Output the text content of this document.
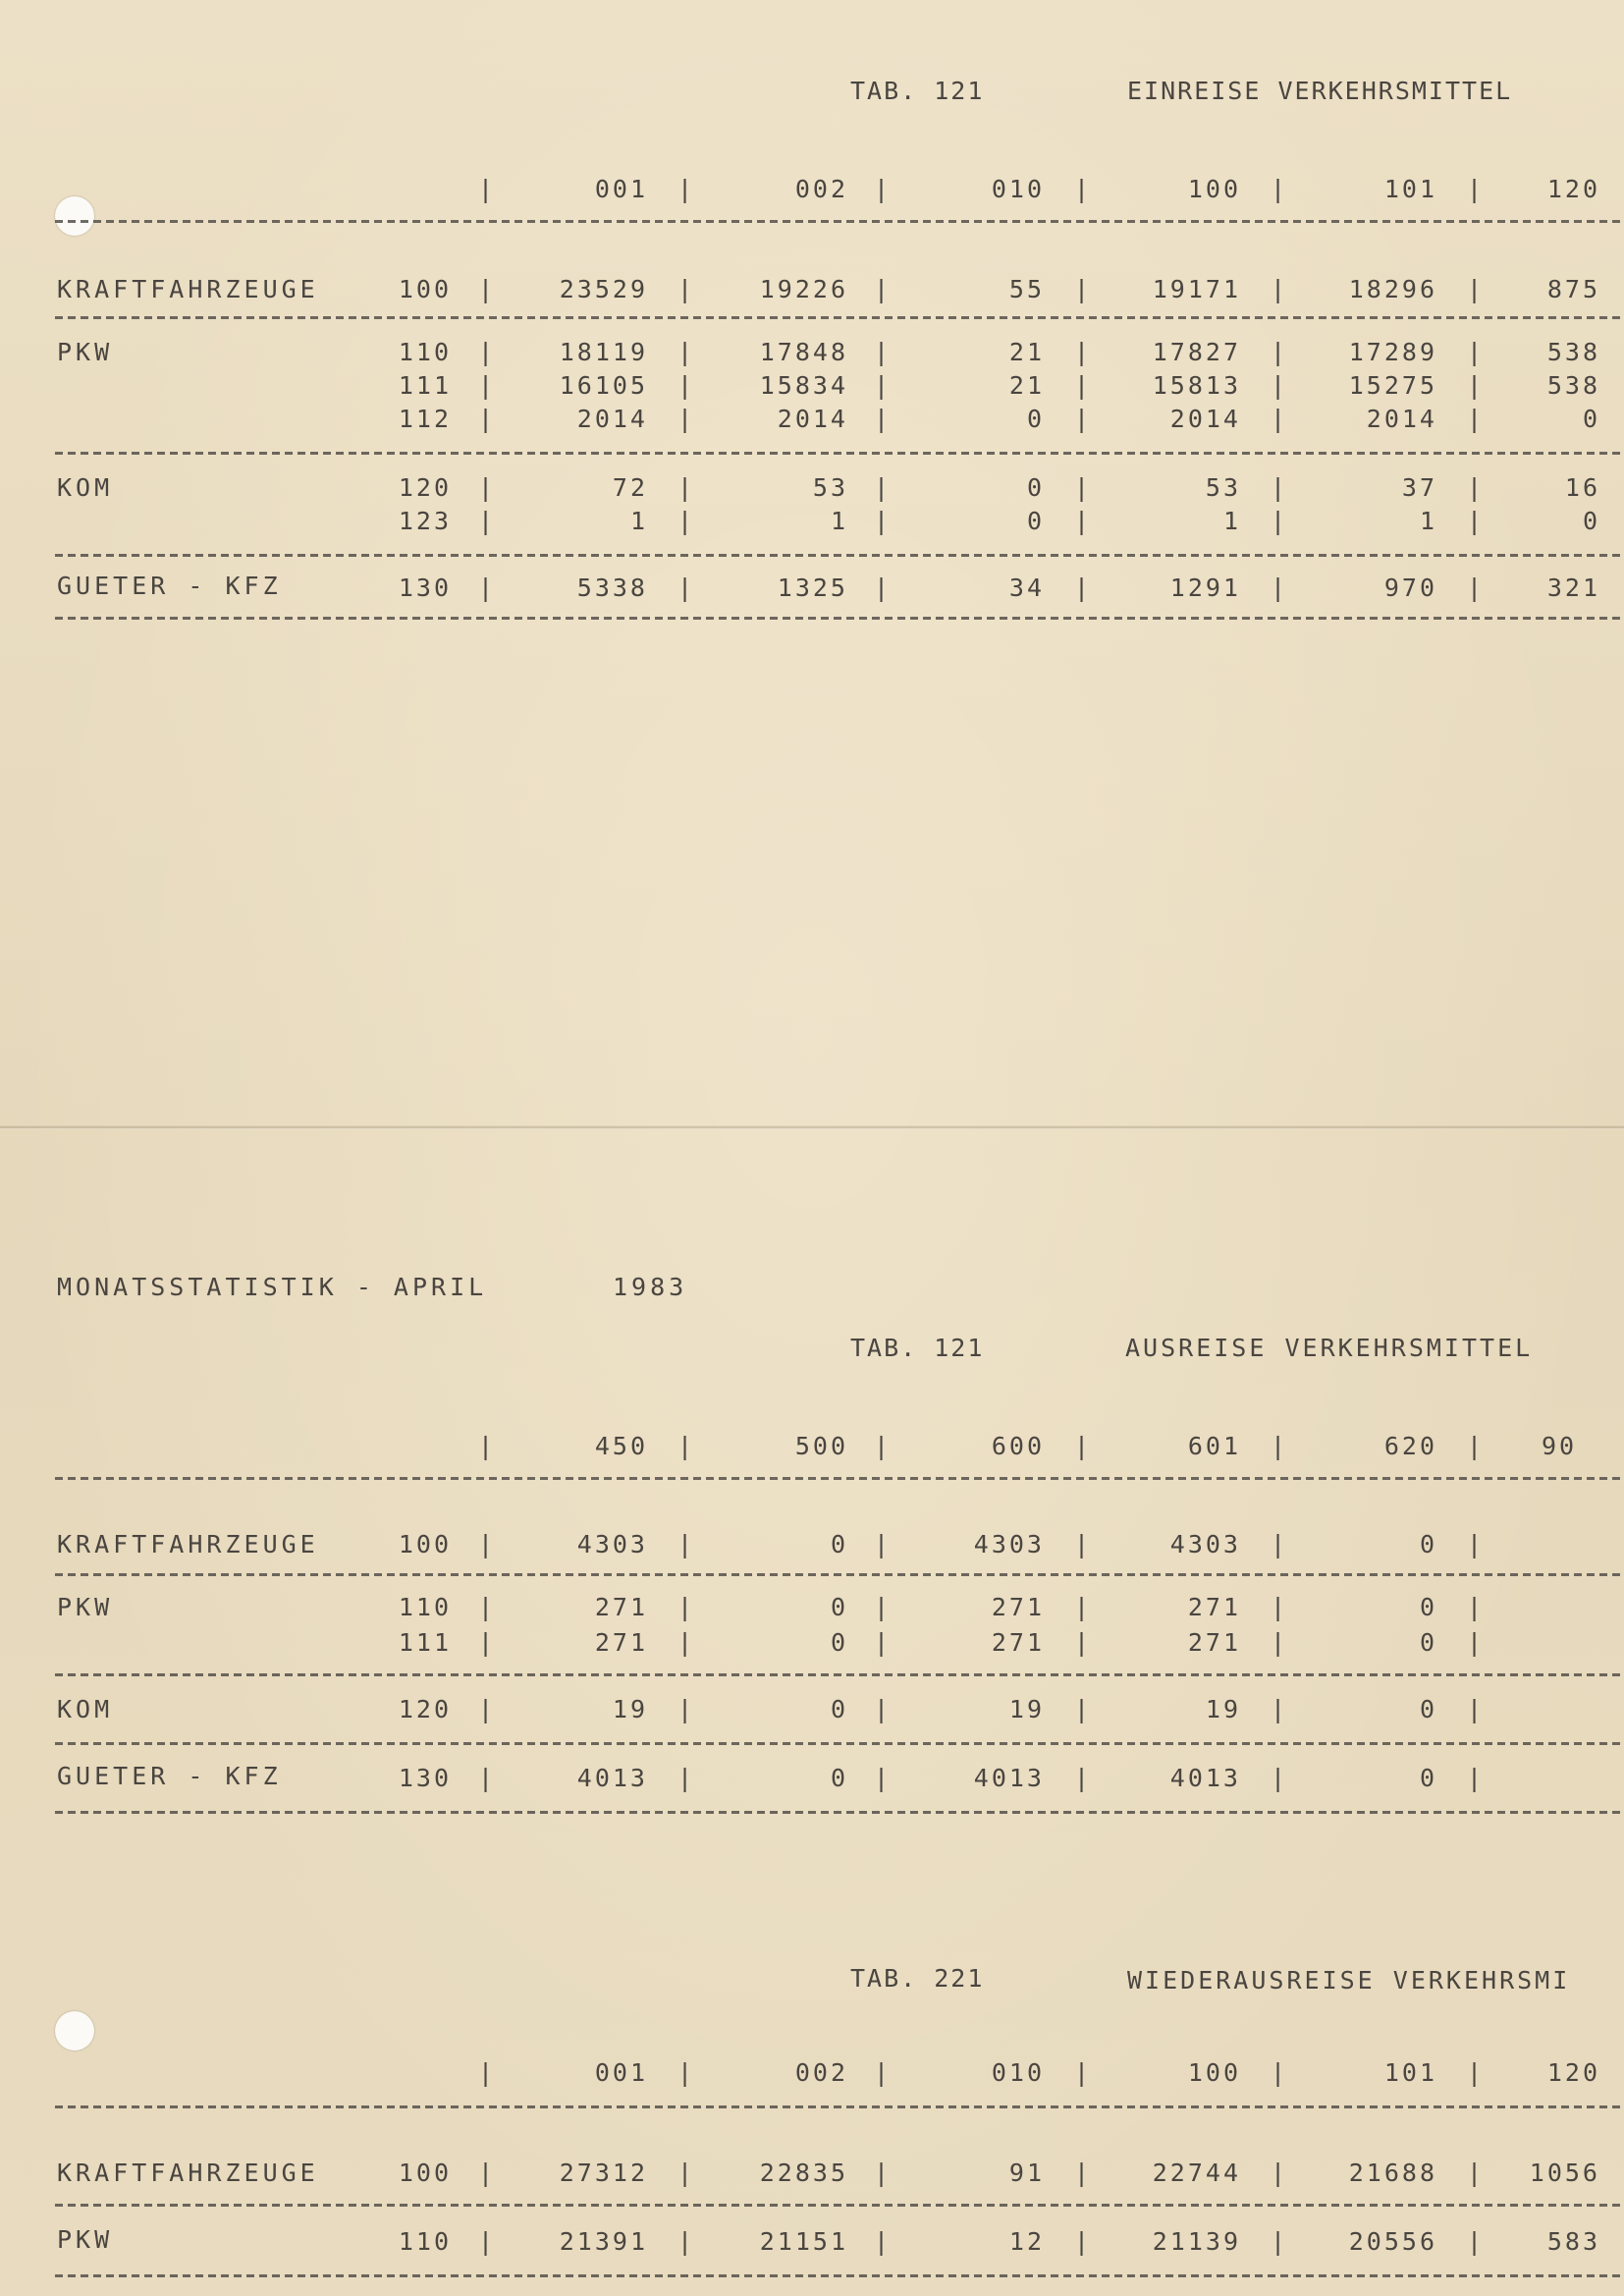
TAB. 121	EINREISE VERKEHRSMITTEL
|	001 |	002 |	010 |	100 |	101 |	120
KRAFTFAHRZEUGE	100 |	23529 |	19226 |	55 |	19171 |	18296 |	875
PKW	110 |	18119 |	17848 |	21 |	17827 |	17289 |	538
111 |	16105 |	15834 |	21 |	15813 |	15275 |	538
112 |	2014 |	2014 |	0 |	2014 |	2014 |	0
KOM	120 |	72 |	53 |	0 |	53 |	37 |	16
123 |	1 |	1 |	0 |	1 |	1 |	0
GUETER - KFZ	130 |	5338 |	1325 |	34 |	1291 |	970 |	321
MONATSSTATISTIK - APRIL	1983
TAB. 121	AUSREISE VERKEHRSMITTEL
|	450 |	500 |	600 |	601 |	620 | 90
KRAFTFAHRZEUGE	100 |	4303 |	0 |	4303 |	4303 |	0 |
PKW	110 |	271 |	0 |	271 |	271 |	0 |
111 |	271 |	0 |	271 |	271 |	0 |
KOM	120 |	19 |	0 |	19 |	19 |	0 |
GUETER - KFZ	130 |	4013 |	0 |	4013 |	4013 |	0 |
TAB. 221	WIEDERAUSREISE VERKEHRSMI
|	001 |	002 |	010 |	100 |	101 |	120
KRAFTFAHRZEUGE	100 |	27312 |	22835 |	91 |	22744 |	21688 | 1056
PKW	110 |	21391 |	21151 |	12 |	21139 |	20556 |	583
